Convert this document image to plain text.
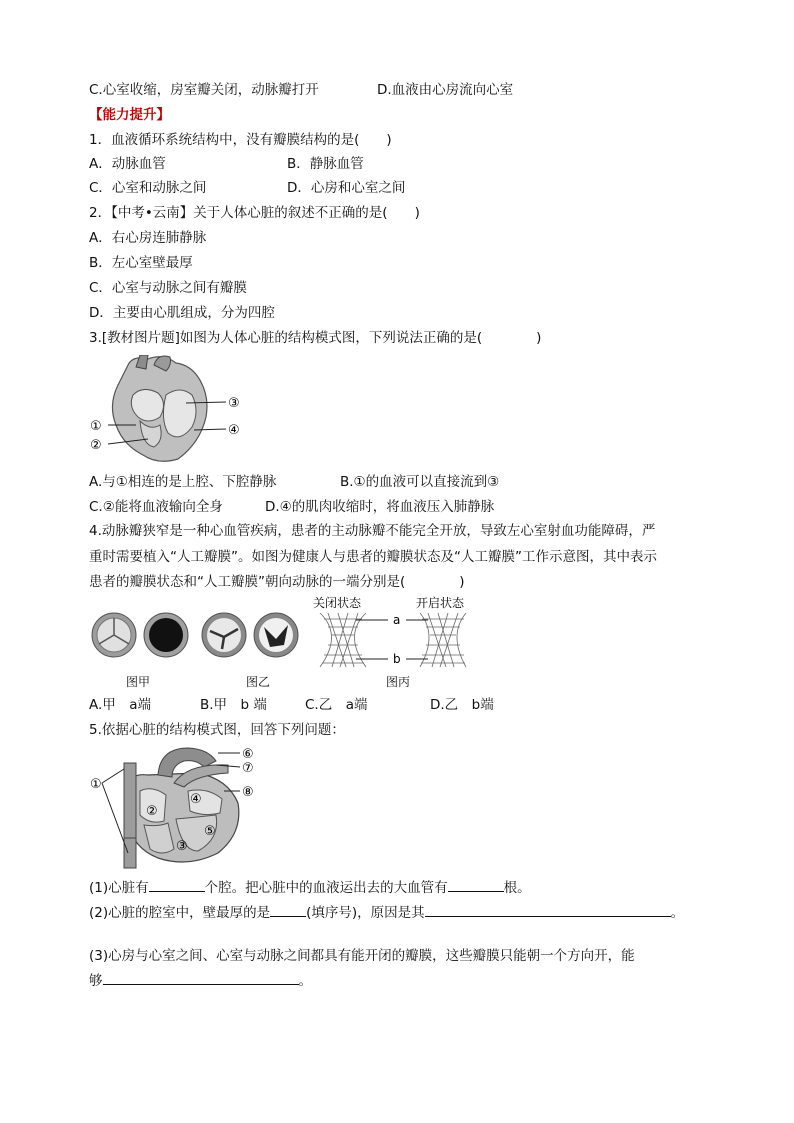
C.心室收缩，房室瓣关闭，动脉瓣打开	D.血液由心房流向心室
【能力提升】
1．血液循环系统结构中，没有瓣膜结构的是(　　)
A．动脉血管	B．静脉血管
C．心室和动脉之间	D．心房和心室之间
2．【中考•云南】关于人体心脏的叙述不正确的是(　　)
A．右心房连肺静脉
B．左心室壁最厚
C．心室与动脉之间有瓣膜
D．主要由心肌组成，分为四腔
3.[教材图片题]如图为人体心脏的结构模式图，下列说法正确的是(　　　　)
①
②
③
④
A.与①相连的是上腔、下腔静脉	B.①的血液可以直接流到③
C.②能将血液输向全身	D.④的肌肉收缩时，将血液压入肺静脉
4.动脉瓣狭窄是一种心血管疾病，患者的主动脉瓣不能完全开放，导致左心室射血功能障碍，严
重时需要植入“人工瓣膜”。如图为健康人与患者的瓣膜状态及“人工瓣膜”工作示意图，其中表示
患者的瓣膜状态和“人工瓣膜”朝向动脉的一端分别是(　　　　)
关闭状态	开启状态
a
b
图甲	图乙	图丙
A.甲　a端	B.甲　b 端	C.乙　a端	D.乙　b端
5.依据心脏的结构模式图，回答下列问题：
①
②
③
④
⑤
⑥
⑦
⑧
(1)心脏有	个腔。把心脏中的血液运出去的大血管有	根。
(2)心脏的腔室中，壁最厚的是	(填序号)，原因是其	。
(3)心房与心室之间、心室与动脉之间都具有能开闭的瓣膜，这些瓣膜只能朝一个方向开，能
够	。
